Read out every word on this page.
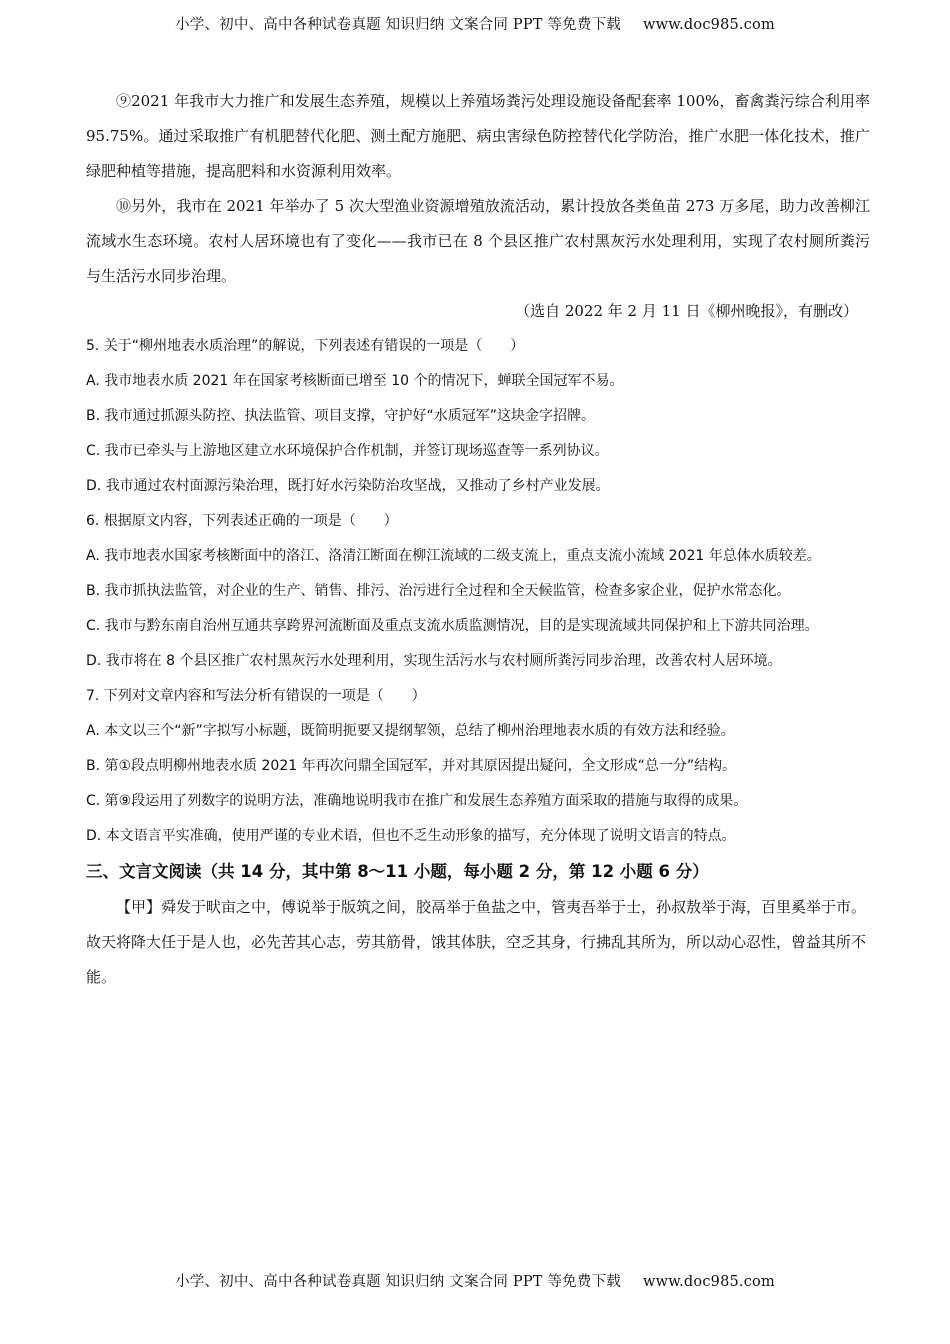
小学、初中、高中各种试卷真题 知识归纳 文案合同 PPT 等免费下载 www.doc985.com

⑨2021 年我市大力推广和发展生态养殖，规模以上养殖场粪污处理设施设备配套率 100%，畜禽粪污综合利用率 95.75%。通过采取推广有机肥替代化肥、测土配方施肥、病虫害绿色防控替代化学防治，推广水肥一体化技术，推广绿肥种植等措施，提高肥料和水资源利用效率。

⑩另外，我市在 2021 年举办了 5 次大型渔业资源增殖放流活动，累计投放各类鱼苗 273 万多尾，助力改善柳江流域水生态环境。农村人居环境也有了变化——我市已在 8 个县区推广农村黑灰污水处理利用，实现了农村厕所粪污与生活污水同步治理。

（选自 2022 年 2 月 11 日《柳州晚报》，有删改）

5. 关于“柳州地表水质治理”的解说，下列表述有错误的一项是（　　）

A. 我市地表水质 2021 年在国家考核断面已增至 10 个的情况下，蝉联全国冠军不易。

B. 我市通过抓源头防控、执法监管、项目支撑，守护好“水质冠军”这块金字招牌。

C. 我市已牵头与上游地区建立水环境保护合作机制，并签订现场巡查等一系列协议。

D. 我市通过农村面源污染治理，既打好水污染防治攻坚战，又推动了乡村产业发展。

6. 根据原文内容，下列表述正确的一项是（　　）

A. 我市地表水国家考核断面中的洛江、洛清江断面在柳江流域的二级支流上，重点支流小流域 2021 年总体水质较差。

B. 我市抓执法监管，对企业的生产、销售、排污、治污进行全过程和全天候监管，检查多家企业，促护水常态化。

C. 我市与黔东南自治州互通共享跨界河流断面及重点支流水质监测情况，目的是实现流域共同保护和上下游共同治理。

D. 我市将在 8 个县区推广农村黑灰污水处理利用，实现生活污水与农村厕所粪污同步治理，改善农村人居环境。

7. 下列对文章内容和写法分析有错误的一项是（　　）

A. 本文以三个“新”字拟写小标题，既简明扼要又提纲挈领，总结了柳州治理地表水质的有效方法和经验。

B. 第①段点明柳州地表水质 2021 年再次问鼎全国冠军，并对其原因提出疑问，全文形成“总一分”结构。

C. 第⑨段运用了列数字的说明方法，准确地说明我市在推广和发展生态养殖方面采取的措施与取得的成果。

D. 本文语言平实准确，使用严谨的专业术语，但也不乏生动形象的描写，充分体现了说明文语言的特点。

三、文言文阅读（共 14 分，其中第 8～11 小题，每小题 2 分，第 12 小题 6 分）

【甲】舜发于畎亩之中，傅说举于版筑之间，胶鬲举于鱼盐之中，管夷吾举于士，孙叔敖举于海，百里奚举于市。故天将降大任于是人也，必先苦其心志，劳其筋骨，饿其体肤，空乏其身，行拂乱其所为，所以动心忍性，曾益其所不能。

小学、初中、高中各种试卷真题 知识归纳 文案合同 PPT 等免费下载 www.doc985.com
